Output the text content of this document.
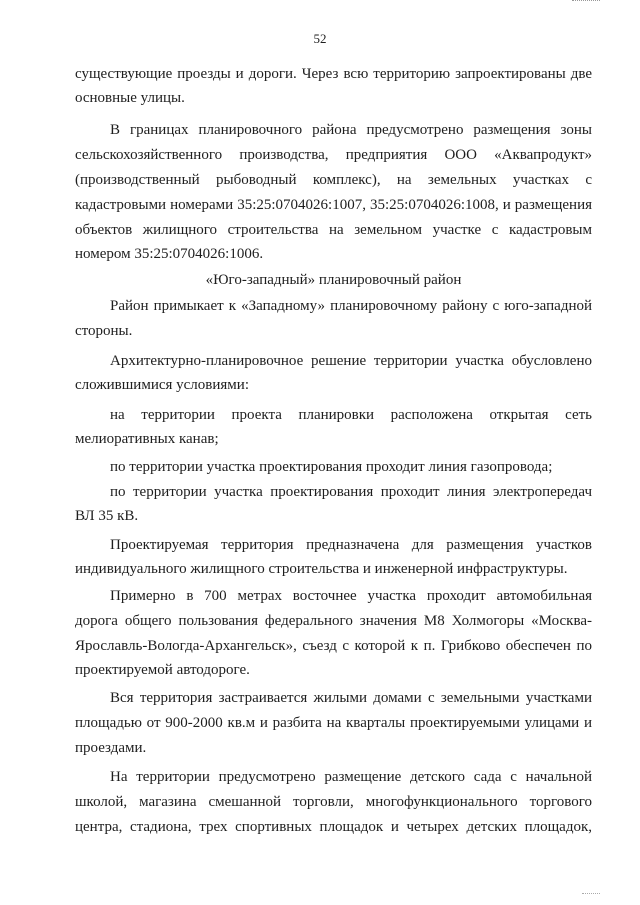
52
существующие проезды и дороги. Через всю территорию запроектированы две
основные улицы.
В границах планировочного района предусмотрено размещения зоны
сельскохозяйственного производства, предприятия ООО «Аквапродукт»
(производственный рыбоводный комплекс), на земельных участках с
кадастровыми номерами 35:25:0704026:1007, 35:25:0704026:1008, и размещения
объектов жилищного строительства на земельном участке с кадастровым
номером 35:25:0704026:1006.
«Юго-западный» планировочный район
Район примыкает к «Западному» планировочному району с юго-западной
стороны.
Архитектурно-планировочное решение территории участка обусловлено
сложившимися условиями:
на территории проекта планировки расположена открытая сеть
мелиоративных канав;
по территории участка проектирования проходит линия газопровода;
по территории участка проектирования проходит линия электропередач
ВЛ 35 кВ.
Проектируемая территория предназначена для размещения участков
индивидуального жилищного строительства и инженерной инфраструктуры.
Примерно в 700 метрах восточнее участка проходит автомобильная
дорога общего пользования федерального значения М8 Холмогоры «Москва-
Ярославль-Вологда-Архангельск», съезд с которой к п. Грибково обеспечен по
проектируемой автодороге.
Вся территория застраивается жилыми домами с земельными участками
площадью от 900-2000 кв.м и разбита на кварталы проектируемыми улицами и
проездами.
На территории предусмотрено размещение детского сада с начальной
школой, магазина смешанной торговли, многофункционального торгового
центра, стадиона, трех спортивных площадок и четырех детских площадок,
